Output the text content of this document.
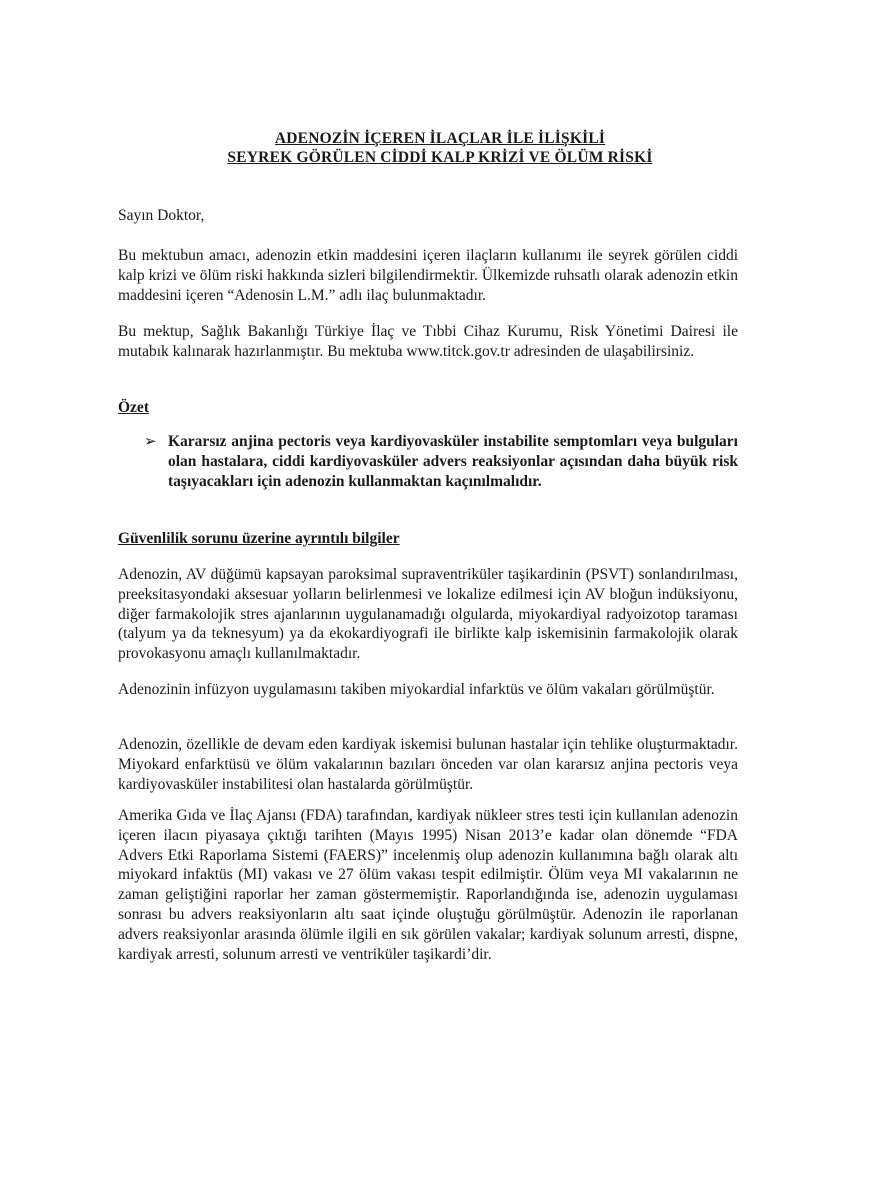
ADENOZİN İÇEREN İLAÇLAR İLE İLİŞKİLİ
SEYREK GÖRÜLEN CİDDİ KALP KRİZİ VE ÖLÜM RİSKİ

Sayın Doktor,

Bu mektubun amacı, adenozin etkin maddesini içeren ilaçların kullanımı ile seyrek görülen ciddi kalp krizi ve ölüm riski hakkında sizleri bilgilendirmektir. Ülkemizde ruhsatlı olarak adenozin etkin maddesini içeren “Adenosin L.M.” adlı ilaç bulunmaktadır.

Bu mektup, Sağlık Bakanlığı Türkiye İlaç ve Tıbbi Cihaz Kurumu, Risk Yönetimi Dairesi ile mutabık kalınarak hazırlanmıştır. Bu mektuba www.titck.gov.tr adresinden de ulaşabilirsiniz.

Özet
➢ Kararsız anjina pectoris veya kardiyovasküler instabilite semptomları veya bulguları olan hastalara, ciddi kardiyovasküler advers reaksiyonlar açısından daha büyük risk taşıyacakları için adenozin kullanmaktan kaçınılmalıdır.

Güvenlilik sorunu üzerine ayrıntılı bilgiler

Adenozin, AV düğümü kapsayan paroksimal supraventriküler taşikardinin (PSVT) sonlandırılması, preeksitasyondaki aksesuar yolların belirlenmesi ve lokalize edilmesi için AV bloğun indüksiyonu, diğer farmakolojik stres ajanlarının uygulanamadığı olgularda, miyokardiyal radyoizotop taraması (talyum ya da teknesyum) ya da ekokardiyografi ile birlikte kalp iskemisinin farmakolojik olarak provokasyonu amaçlı kullanılmaktadır.

Adenozinin infüzyon uygulamasını takiben miyokardial infarktüs ve ölüm vakaları görülmüştür.

Adenozin, özellikle de devam eden kardiyak iskemisi bulunan hastalar için tehlike oluşturmaktadır. Miyokard enfarktüsü ve ölüm vakalarının bazıları önceden var olan kararsız anjina pectoris veya kardiyovasküler instabilitesi olan hastalarda görülmüştür.

Amerika Gıda ve İlaç Ajansı (FDA) tarafından, kardiyak nükleer stres testi için kullanılan adenozin içeren ilacın piyasaya çıktığı tarihten (Mayıs 1995) Nisan 2013’e kadar olan dönemde “FDA Advers Etki Raporlama Sistemi (FAERS)” incelenmiş olup adenozin kullanımına bağlı olarak altı miyokard infaktüs (MI) vakası ve 27 ölüm vakası tespit edilmiştir. Ölüm veya MI vakalarının ne zaman geliştiğini raporlar her zaman göstermemiştir. Raporlandığında ise, adenozin uygulaması sonrası bu advers reaksiyonların altı saat içinde oluştuğu görülmüştür. Adenozin ile raporlanan advers reaksiyonlar arasında ölümle ilgili en sık görülen vakalar; kardiyak solunum arresti, dispne, kardiyak arresti, solunum arresti ve ventriküler taşikardi’dir.
